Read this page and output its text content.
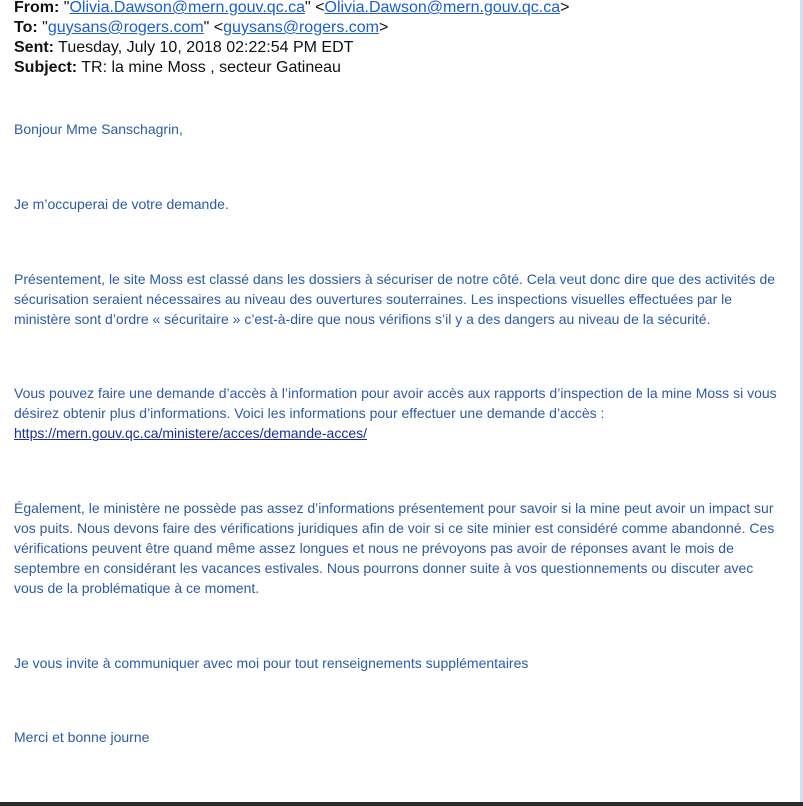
From: "Olivia.Dawson@mern.gouv.qc.ca" <Olivia.Dawson@mern.gouv.qc.ca>
To: "guysans@rogers.com" <guysans@rogers.com>
Sent: Tuesday, July 10, 2018 02:22:54 PM EDT
Subject: TR: la mine Moss , secteur Gatineau

Bonjour Mme Sanschagrin,

Je m’occuperai de votre demande.

Présentement, le site Moss est classé dans les dossiers à sécuriser de notre côté. Cela veut donc dire que des activités de sécurisation seraient nécessaires au niveau des ouvertures souterraines. Les inspections visuelles effectuées par le ministère sont d’ordre « sécuritaire » c’est-à-dire que nous vérifions s’il y a des dangers au niveau de la sécurité.

Vous pouvez faire une demande d’accès à l’information pour avoir accès aux rapports d’inspection de la mine Moss si vous désirez obtenir plus d’informations. Voici les informations pour effectuer une demande d’accès :
https://mern.gouv.qc.ca/ministere/acces/demande-acces/

Également, le ministère ne possède pas assez d’informations présentement pour savoir si la mine peut avoir un impact sur vos puits. Nous devons faire des vérifications juridiques afin de voir si ce site minier est considéré comme abandonné. Ces vérifications peuvent être quand même assez longues et nous ne prévoyons pas avoir de réponses avant le mois de septembre en considérant les vacances estivales. Nous pourrons donner suite à vos questionnements ou discuter avec vous de la problématique à ce moment.

Je vous invite à communiquer avec moi pour tout renseignements supplémentaires

Merci et bonne journe
